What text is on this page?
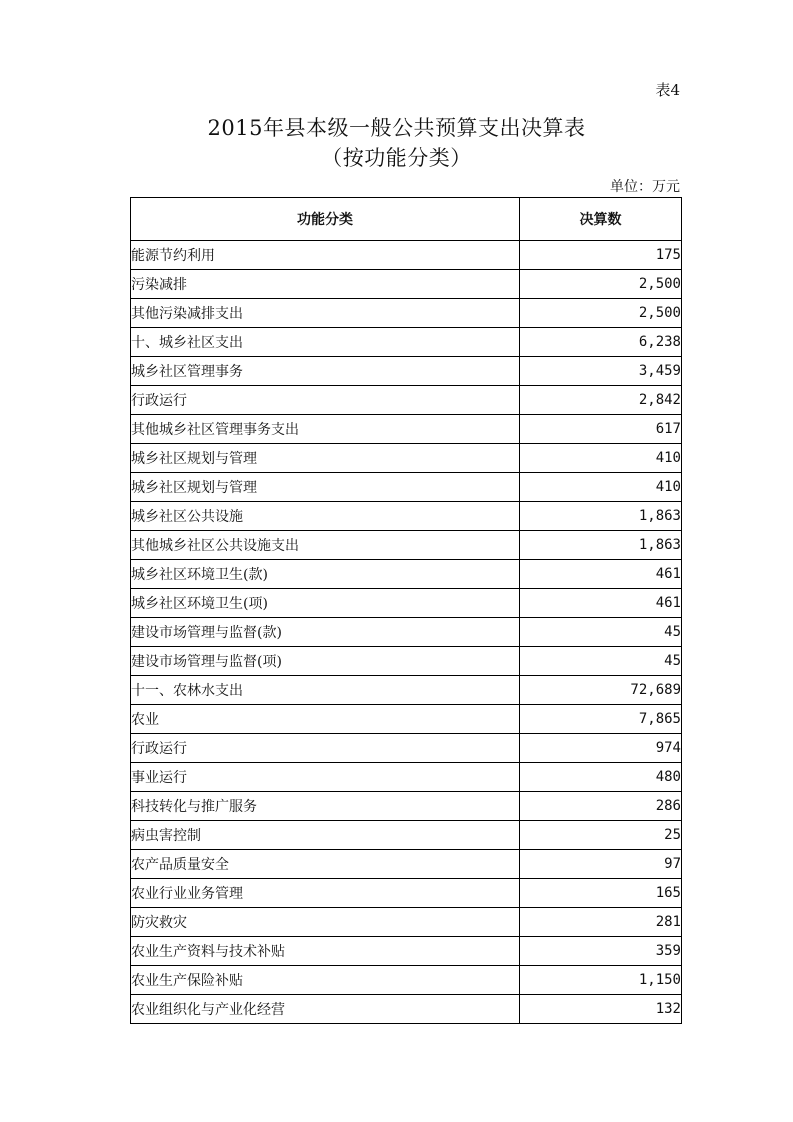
表4
2015年县本级一般公共预算支出决算表
（按功能分类）
单位：万元
功能分类	决算数
能源节约利用	175
污染减排	2,500
其他污染减排支出	2,500
十、城乡社区支出	6,238
城乡社区管理事务	3,459
行政运行	2,842
其他城乡社区管理事务支出	617
城乡社区规划与管理	410
城乡社区规划与管理	410
城乡社区公共设施	1,863
其他城乡社区公共设施支出	1,863
城乡社区环境卫生(款)	461
城乡社区环境卫生(项)	461
建设市场管理与监督(款)	45
建设市场管理与监督(项)	45
十一、农林水支出	72,689
农业	7,865
行政运行	974
事业运行	480
科技转化与推广服务	286
病虫害控制	25
农产品质量安全	97
农业行业业务管理	165
防灾救灾	281
农业生产资料与技术补贴	359
农业生产保险补贴	1,150
农业组织化与产业化经营	132
